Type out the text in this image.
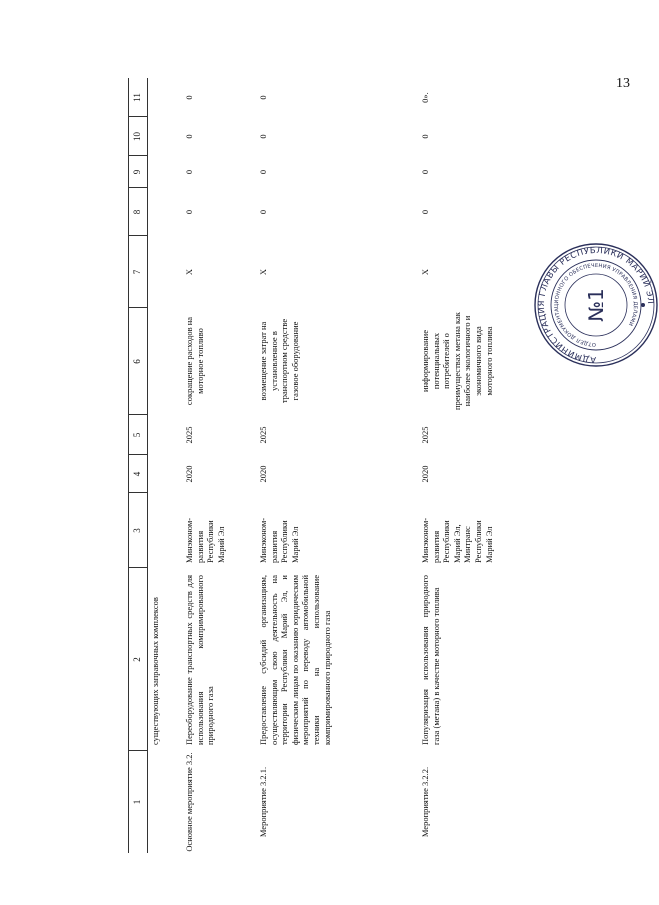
13
1
2
3
4
5
6
7
8
9
10
11
существующих заправочных комплексов
Основное мероприятие 3.2.
Переоборудование транспортных средств для использования компримированного природного газа
Минэконом-развития Республики Марий Эл
2020
2025
сокращение расходов на моторное топливо
X
0
0
0
0
Мероприятие 3.2.1.
Предоставление субсидий организациям, осуществляющим свою деятельность на территории Республики Марий Эл, и физическим лицам по оказанию юридическим мероприятий по переводу автомобильной техники на использование компримированного природного газа
Минэконом-развития Республики Марий Эл
2020
2025
возмещение затрат на установленное в транспортном средстве газовое оборудование
X
0
0
0
0
Мероприятие 3.2.2.
Популяризация использования природного газа (метана) в качестве моторного топлива
Минэконом-развития Республики Марий Эл, Минтранс Республики Марий Эл
2020
2025
информирование потенциальных потребителей о преимуществах метана как наиболее экологичного и экономичного вида моторного топлива
X
0
0
0
0».
АДМИНИСТРАЦИЯ ГЛАВЫ РЕСПУБЛИКИ МАРИЙ ЭЛ
ОТДЕЛ ДОКУМЕНТАЦИОННОГО ОБЕСПЕЧЕНИЯ УПРАВЛЕНИЯ ДЕЛАМИ
№1
